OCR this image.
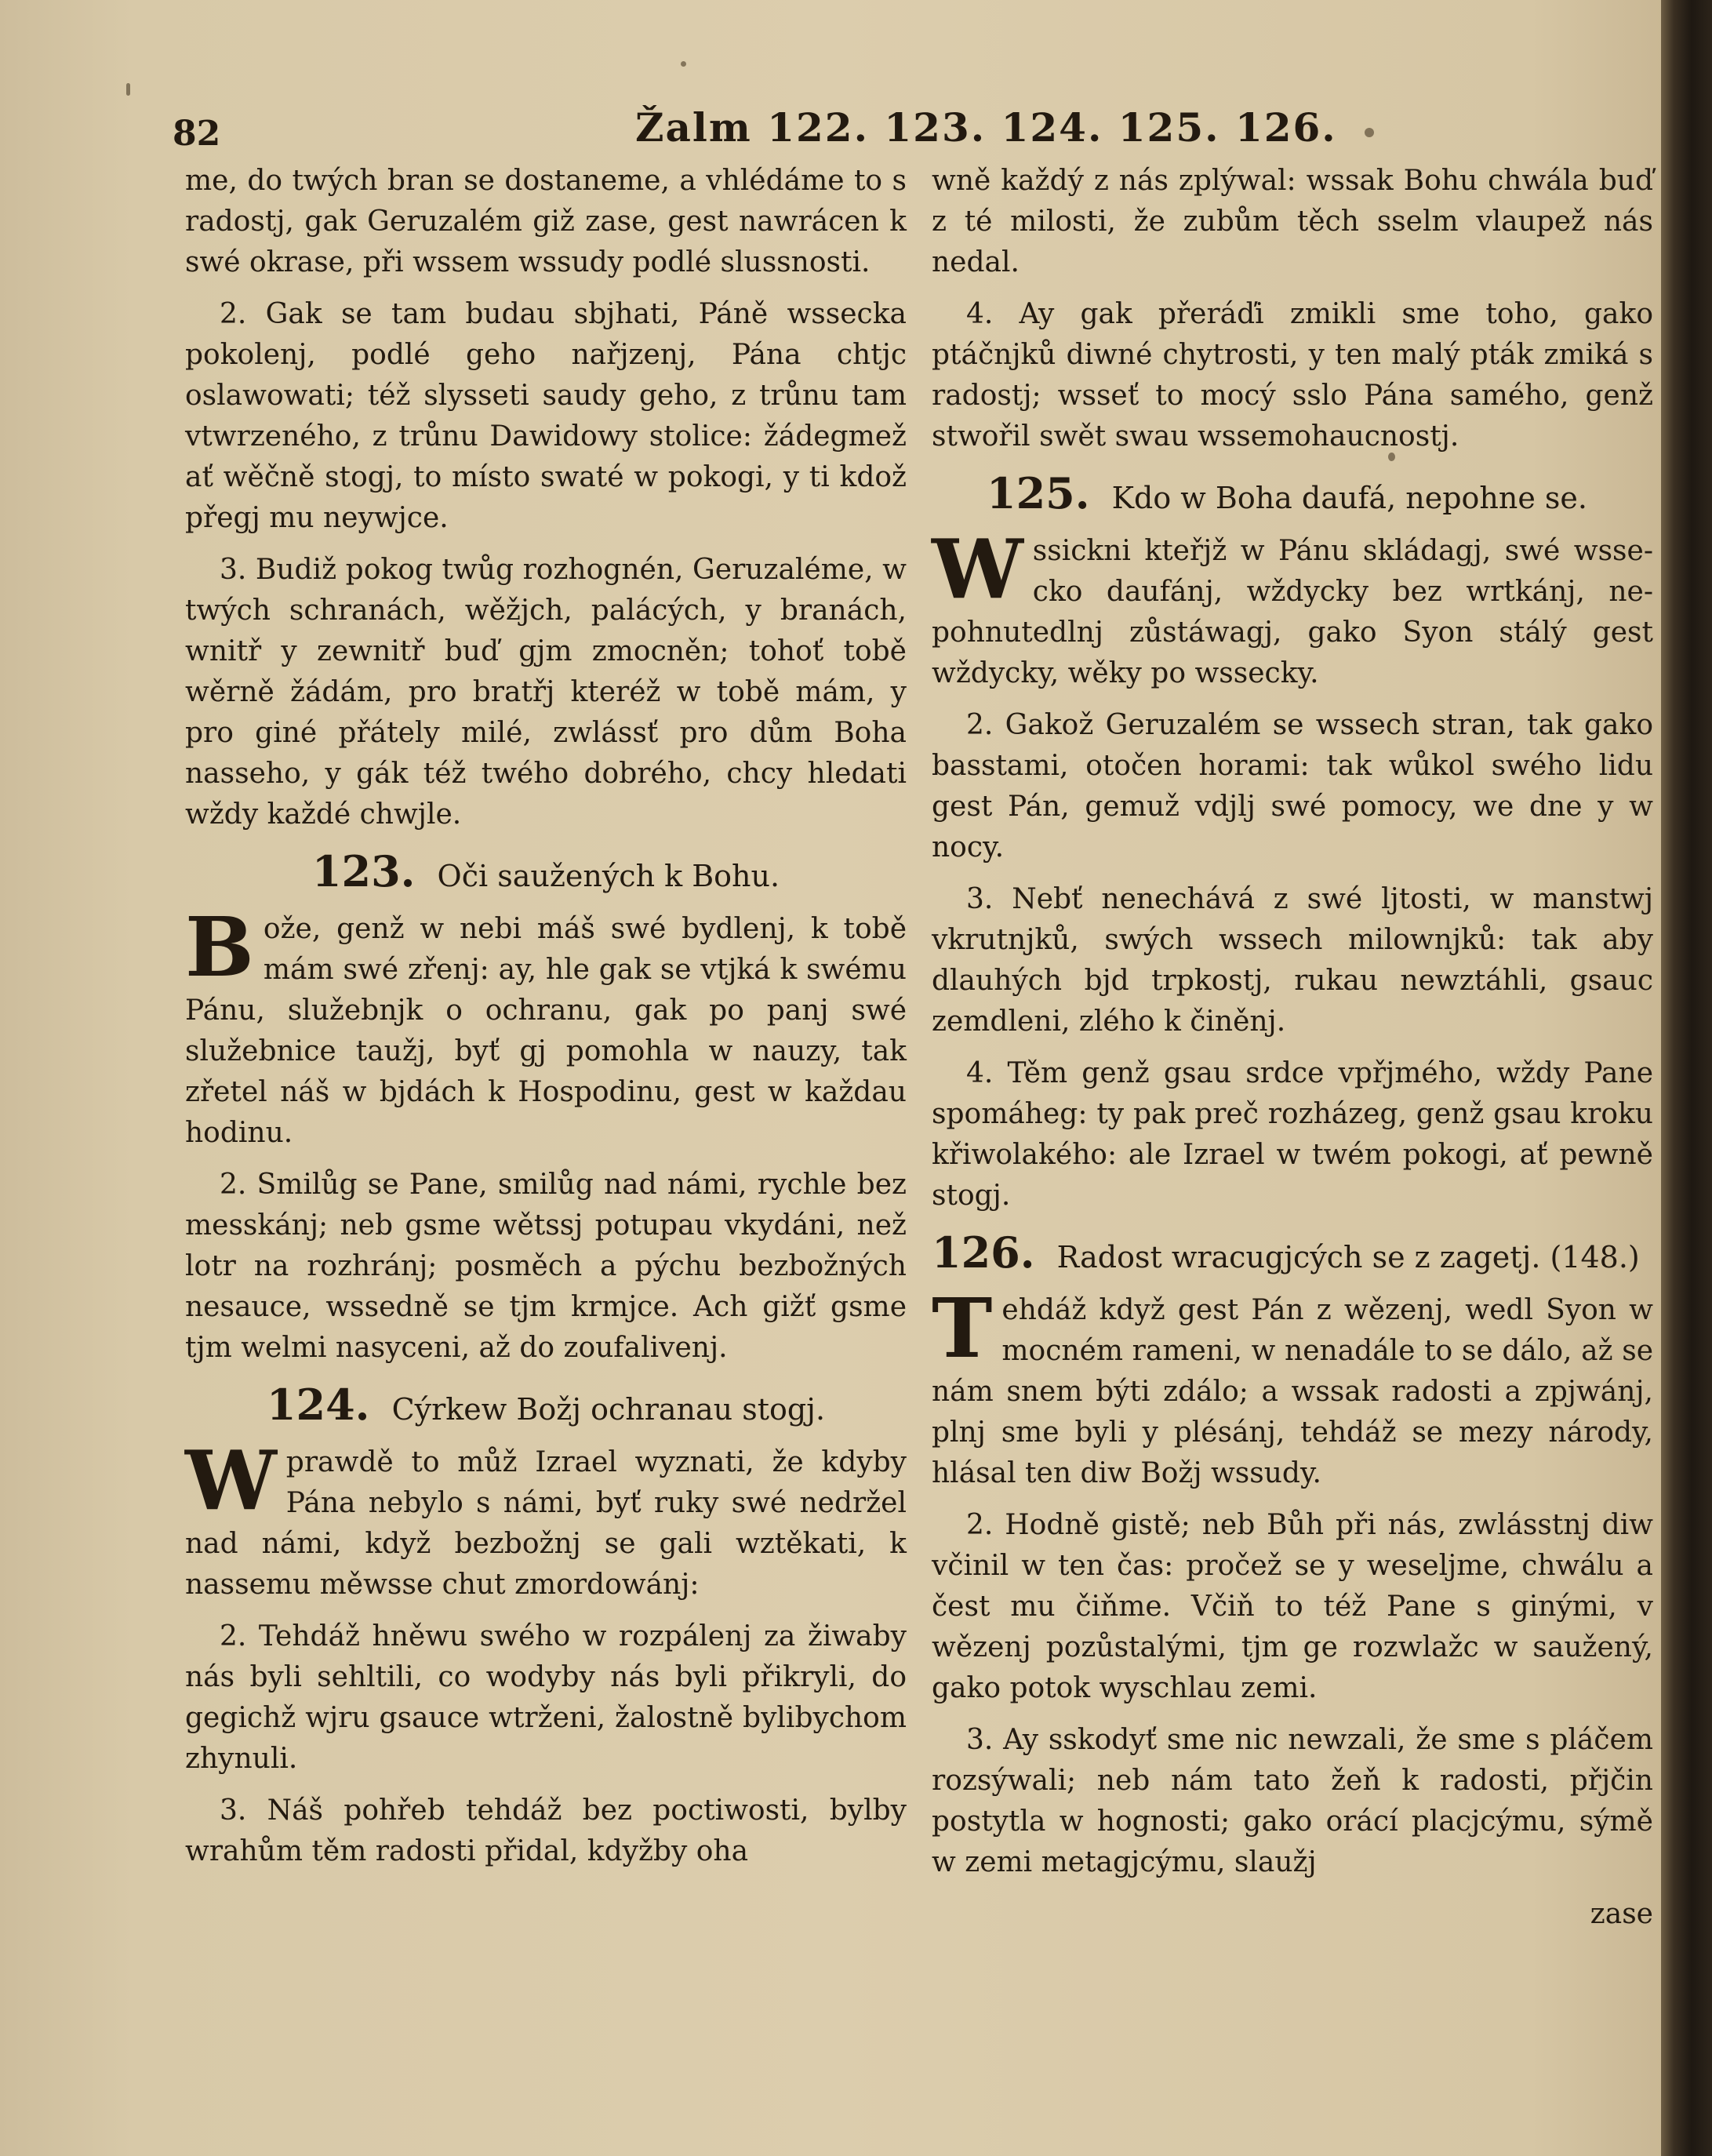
82	Žalm 122. 123. 124. 125. 126.

me, do twých bran se dostaneme, a vhlédáme to s radostj, gak Geruzalém giž zase, gest nawrácen k swé okrase, při wssem wssudy podlé slussnosti.

2. Gak se tam budau sbjhati, Páně wssecka pokolenj, podlé geho nařjzenj, Pána chtjc oslawowati; též slysseti saudy geho, z trůnu tam vtwrzeného, z trůnu Dawidowy stolice: žádegmež ať wěčně stogj, to místo swaté w pokogi, y ti kdož přegj mu neywjce.

3. Budiž pokog twůg rozhognén, Geruzaléme, w twých schranách, wěžjch, palácých, y branách, wnitř y zewnitř buď gjm zmocněn; tohoť tobě wěrně žádám, pro bratřj kteréž w tobě mám, y pro giné přátely milé, zwlássť pro dům Boha nasseho, y gák též twého dobrého, chcy hledati wždy každé chwjle.

123. Oči saužených k Bohu.

Bože, genž w nebi máš swé bydlenj, k tobě mám swé zřenj: ay, hle gak se vtjká k swému Pánu, služebnjk o ochranu, gak po panj swé služebnice taužj, byť gj pomohla w nauzy, tak zřetel náš w bjdách k Hospodinu, gest w každau hodinu.

2. Smilůg se Pane, smilůg nad námi, rychle bez messkánj; neb gsme wětssj potupau vkydáni, než lotr na rozhránj; posměch a pýchu bezbožných nesauce, wssedně se tjm krmjce. Ach gižť gsme tjm welmi nasyceni, až do zoufalivenj.

124. Cýrkew Božj ochranau stogj.

Wprawdě to můž Izrael wyznati, že kdyby Pána nebylo s námi, byť ruky swé nedržel nad námi, když bezbožnj se gali wztěkati, k nassemu měwsse chut zmordowánj:

2. Tehdáž hněwu swého w rozpálenj za žiwaby nás byli sehltili, co wodyby nás byli přikryli, do gegichž wjru gsauce wtrženi, žalostně bylibychom zhynuli.

3. Náš pohřeb tehdáž bez poctiwosti, bylby wrahům těm radosti přidal, kdyžby oha

wně každý z nás zplýwal: wssak Bohu chwála buď z té milosti, že zubům těch sselm vlaupež nás nedal.

4. Ay gak přeráďi zmikli sme toho, gako ptáčnjků diwné chytrosti, y ten malý pták zmiká s radostj; wsseť to mocý sslo Pána samého, genž stwořil swět swau wssemohaucnostj.

125. Kdo w Boha daufá, nepohne se.

Wssickni kteřjž w Pánu skládagj, swé wssecko daufánj, wždycky bez wrtkánj, nepohnutedlnj zůstáwagj, gako Syon stálý gest wždycky, wěky po wssecky.

2. Gakož Geruzalém se wssech stran, tak gako basstami, otočen horami: tak wůkol swého lidu gest Pán, gemuž vdjlj swé pomocy, we dne y w nocy.

3. Nebť nenechává z swé ljtosti, w manstwj vkrutnjků, swých wssech milownjků: tak aby dlauhých bjd trpkostj, rukau newztáhli, gsauc zemdleni, zlého k činěnj.

4. Těm genž gsau srdce vpřjmého, wždy Pane spomáheg: ty pak preč rozházeg, genž gsau kroku křiwolakého: ale Izrael w twém pokogi, ať pewně stogj.

126. Radost wracugjcých se z zagetj. (148.)

Tehdáž když gest Pán z wězenj, wedl Syon w mocném rameni, w nenadále to se dálo, až se nám snem býti zdálo; a wssak radosti a zpjwánj, plnj sme byli y plésánj, tehdáž se mezy národy, hlásal ten diw Božj wssudy.

2. Hodně gistě; neb Bůh při nás, zwlásstnj diw včinil w ten čas: pročež se y weseljme, chwálu a čest mu čiňme. Včiň to též Pane s ginými, v wězenj pozůstalými, tjm ge rozwlažc w saužený, gako potok wyschlau zemi.

3. Ay sskodyť sme nic newzali, že sme s pláčem rozsýwali; neb nám tato žeň k radosti, přjčin postytla w hognosti; gako orácí placjcýmu, sýmě w zemi metagjcýmu, slaužj

zase
